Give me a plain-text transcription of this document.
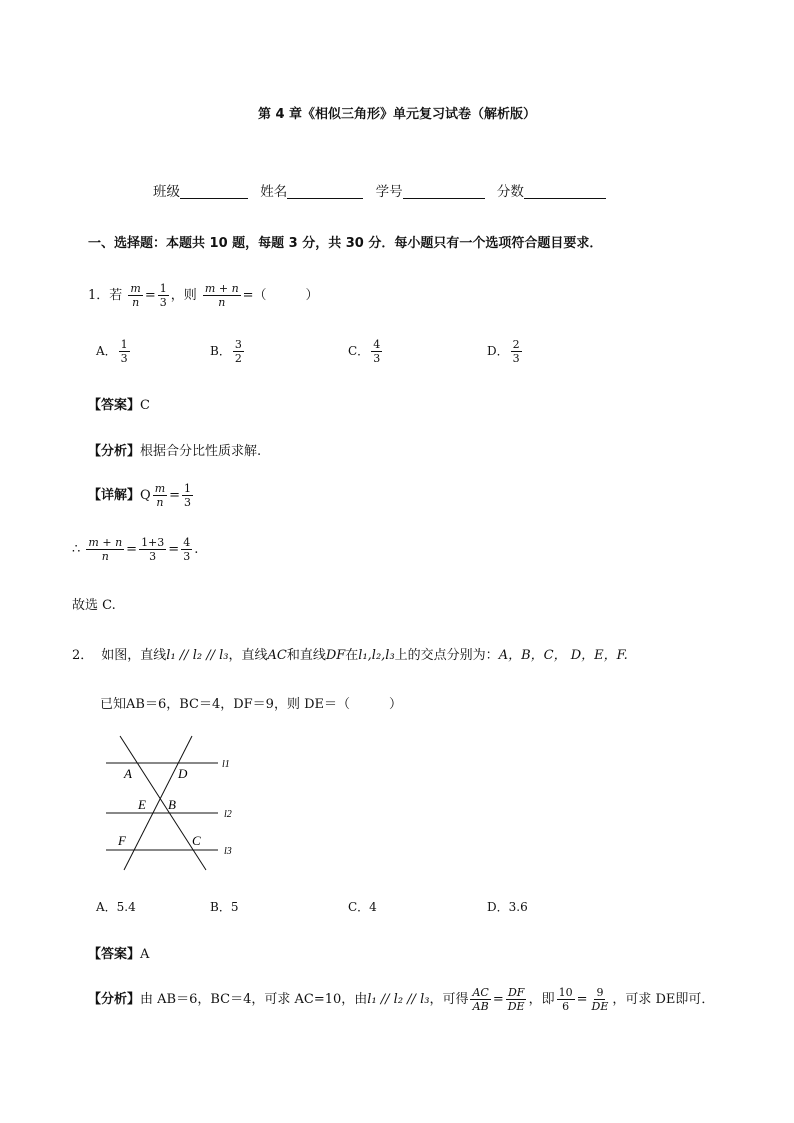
第 4 章《相似三角形》单元复习试卷（解析版）
班级	姓名	学号	分数
一、选择题：本题共 10 题，每题 3 分，共 30 分．每小题只有一个选项符合题目要求．
1．若 $\frac{m}{n} = \frac{1}{3}$ ，则 $\frac{m + n}{n}$ =（　　　）
A． $\frac{1}{3}$	B． $\frac{3}{2}$	C． $\frac{4}{3}$	D． $\frac{2}{3}$
【答案】C
【分析】根据合分比性质求解.
【详解】Q $\frac{m}{n} = \frac{1}{3}$
∴ $\frac{m + n}{n} = \frac{1+3}{3} = \frac{4}{3}$ .
故选 C.
2． 如图，直线l₁ // l₂ // l₃，直线AC和直线DF在l₁,l₂,l₃上的交点分别为：A，B，C， D，E，F.
已知AB＝6，BC＝4，DF＝9，则 DE＝（　　　）
A	D
E B
F	C
l1
l2
l3
A．5.4	B．5	C．4	D．3.6
【答案】A
【分析】由 AB＝6，BC＝4，可求 AC=10，由l₁ // l₂ // l₃，可得 $\frac{AC}{AB} = \frac{DF}{DE}$ ，即 $\frac{10}{6} = \frac{9}{DE}$ ，可求 DE即可．
